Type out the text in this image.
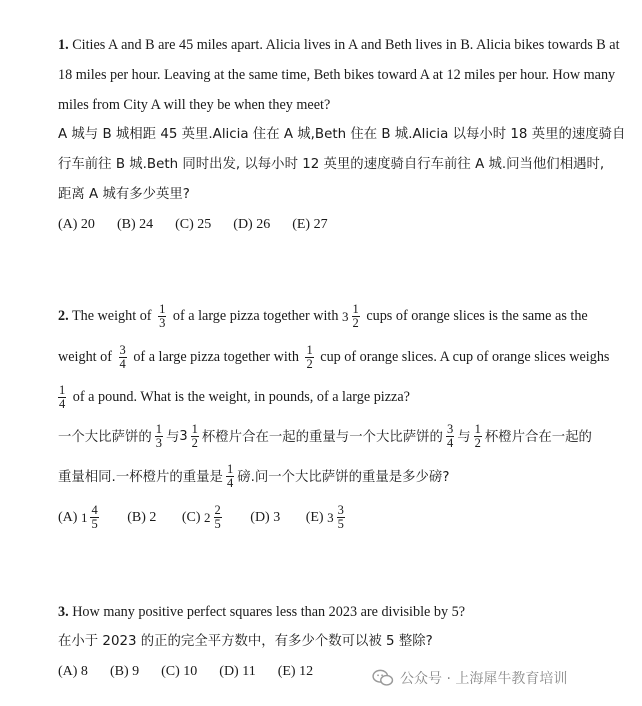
1. Cities A and B are 45 miles apart. Alicia lives in A and Beth lives in B. Alicia bikes towards B at
18 miles per hour. Leaving at the same time, Beth bikes toward A at 12 miles per hour. How many
miles from City A will they be when they meet?
A 城与 B 城相距 45 英里.Alicia 住在 A 城,Beth 住在 B 城.Alicia 以每小时 18 英里的速度骑自
行车前往 B 城.Beth 同时出发, 以每小时 12 英里的速度骑自行车前往 A 城.问当他们相遇时,
距离 A 城有多少英里?
(A) 20 (B) 24 (C) 25 (D) 26 (E) 27
2. The weight of $\frac{1}{3}$ of a large pizza together with $3 \frac{1}{2}$ cups of orange slices is the same as the
weight of $\frac{3}{4}$ of a large pizza together with $\frac{1}{2}$ cup of orange slices. A cup of orange slices weighs
$\frac{1}{4}$ of a pound. What is the weight, in pounds, of a large pizza?
一个大比萨饼的 $\frac{1}{3}$ 与 $3 \frac{1}{2}$ 杯橙片合在一起的重量与一个大比萨饼的 $\frac{3}{4}$ 与 $\frac{1}{2}$ 杯橙片合在一起的
重量相同.一杯橙片的重量是 $\frac{1}{4}$ 磅.问一个大比萨饼的重量是多少磅?
(A) $1 \frac{4}{5} (B)$ 2 (C) $2 \frac{2}{5} (D)$ 3 (E) $3 \frac{3}{5}$
3. How many positive perfect squares less than 2023 are divisible by 5?
在小于 2023 的正的完全平方数中，有多少个数可以被 5 整除?
(A) 8 (B) 9 (C) 10 (D) 11 (E) 12	公众号 · 上海犀牛教育培训
